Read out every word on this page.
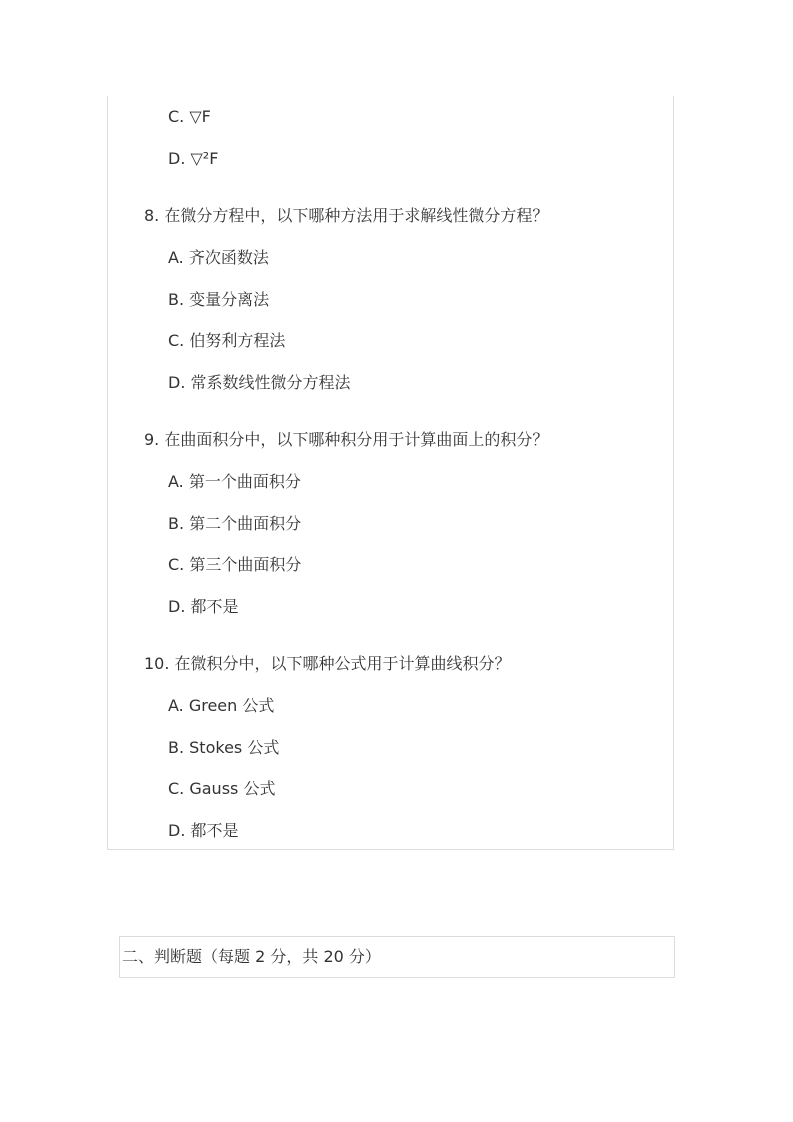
C. ▽F
D. ▽²F
8. 在微分方程中，以下哪种方法用于求解线性微分方程？
A. 齐次函数法
B. 变量分离法
C. 伯努利方程法
D. 常系数线性微分方程法
9. 在曲面积分中，以下哪种积分用于计算曲面上的积分？
A. 第一个曲面积分
B. 第二个曲面积分
C. 第三个曲面积分
D. 都不是
10. 在微积分中，以下哪种公式用于计算曲线积分？
A. Green 公式
B. Stokes 公式
C. Gauss 公式
D. 都不是
二、判断题（每题 2 分，共 20 分）
